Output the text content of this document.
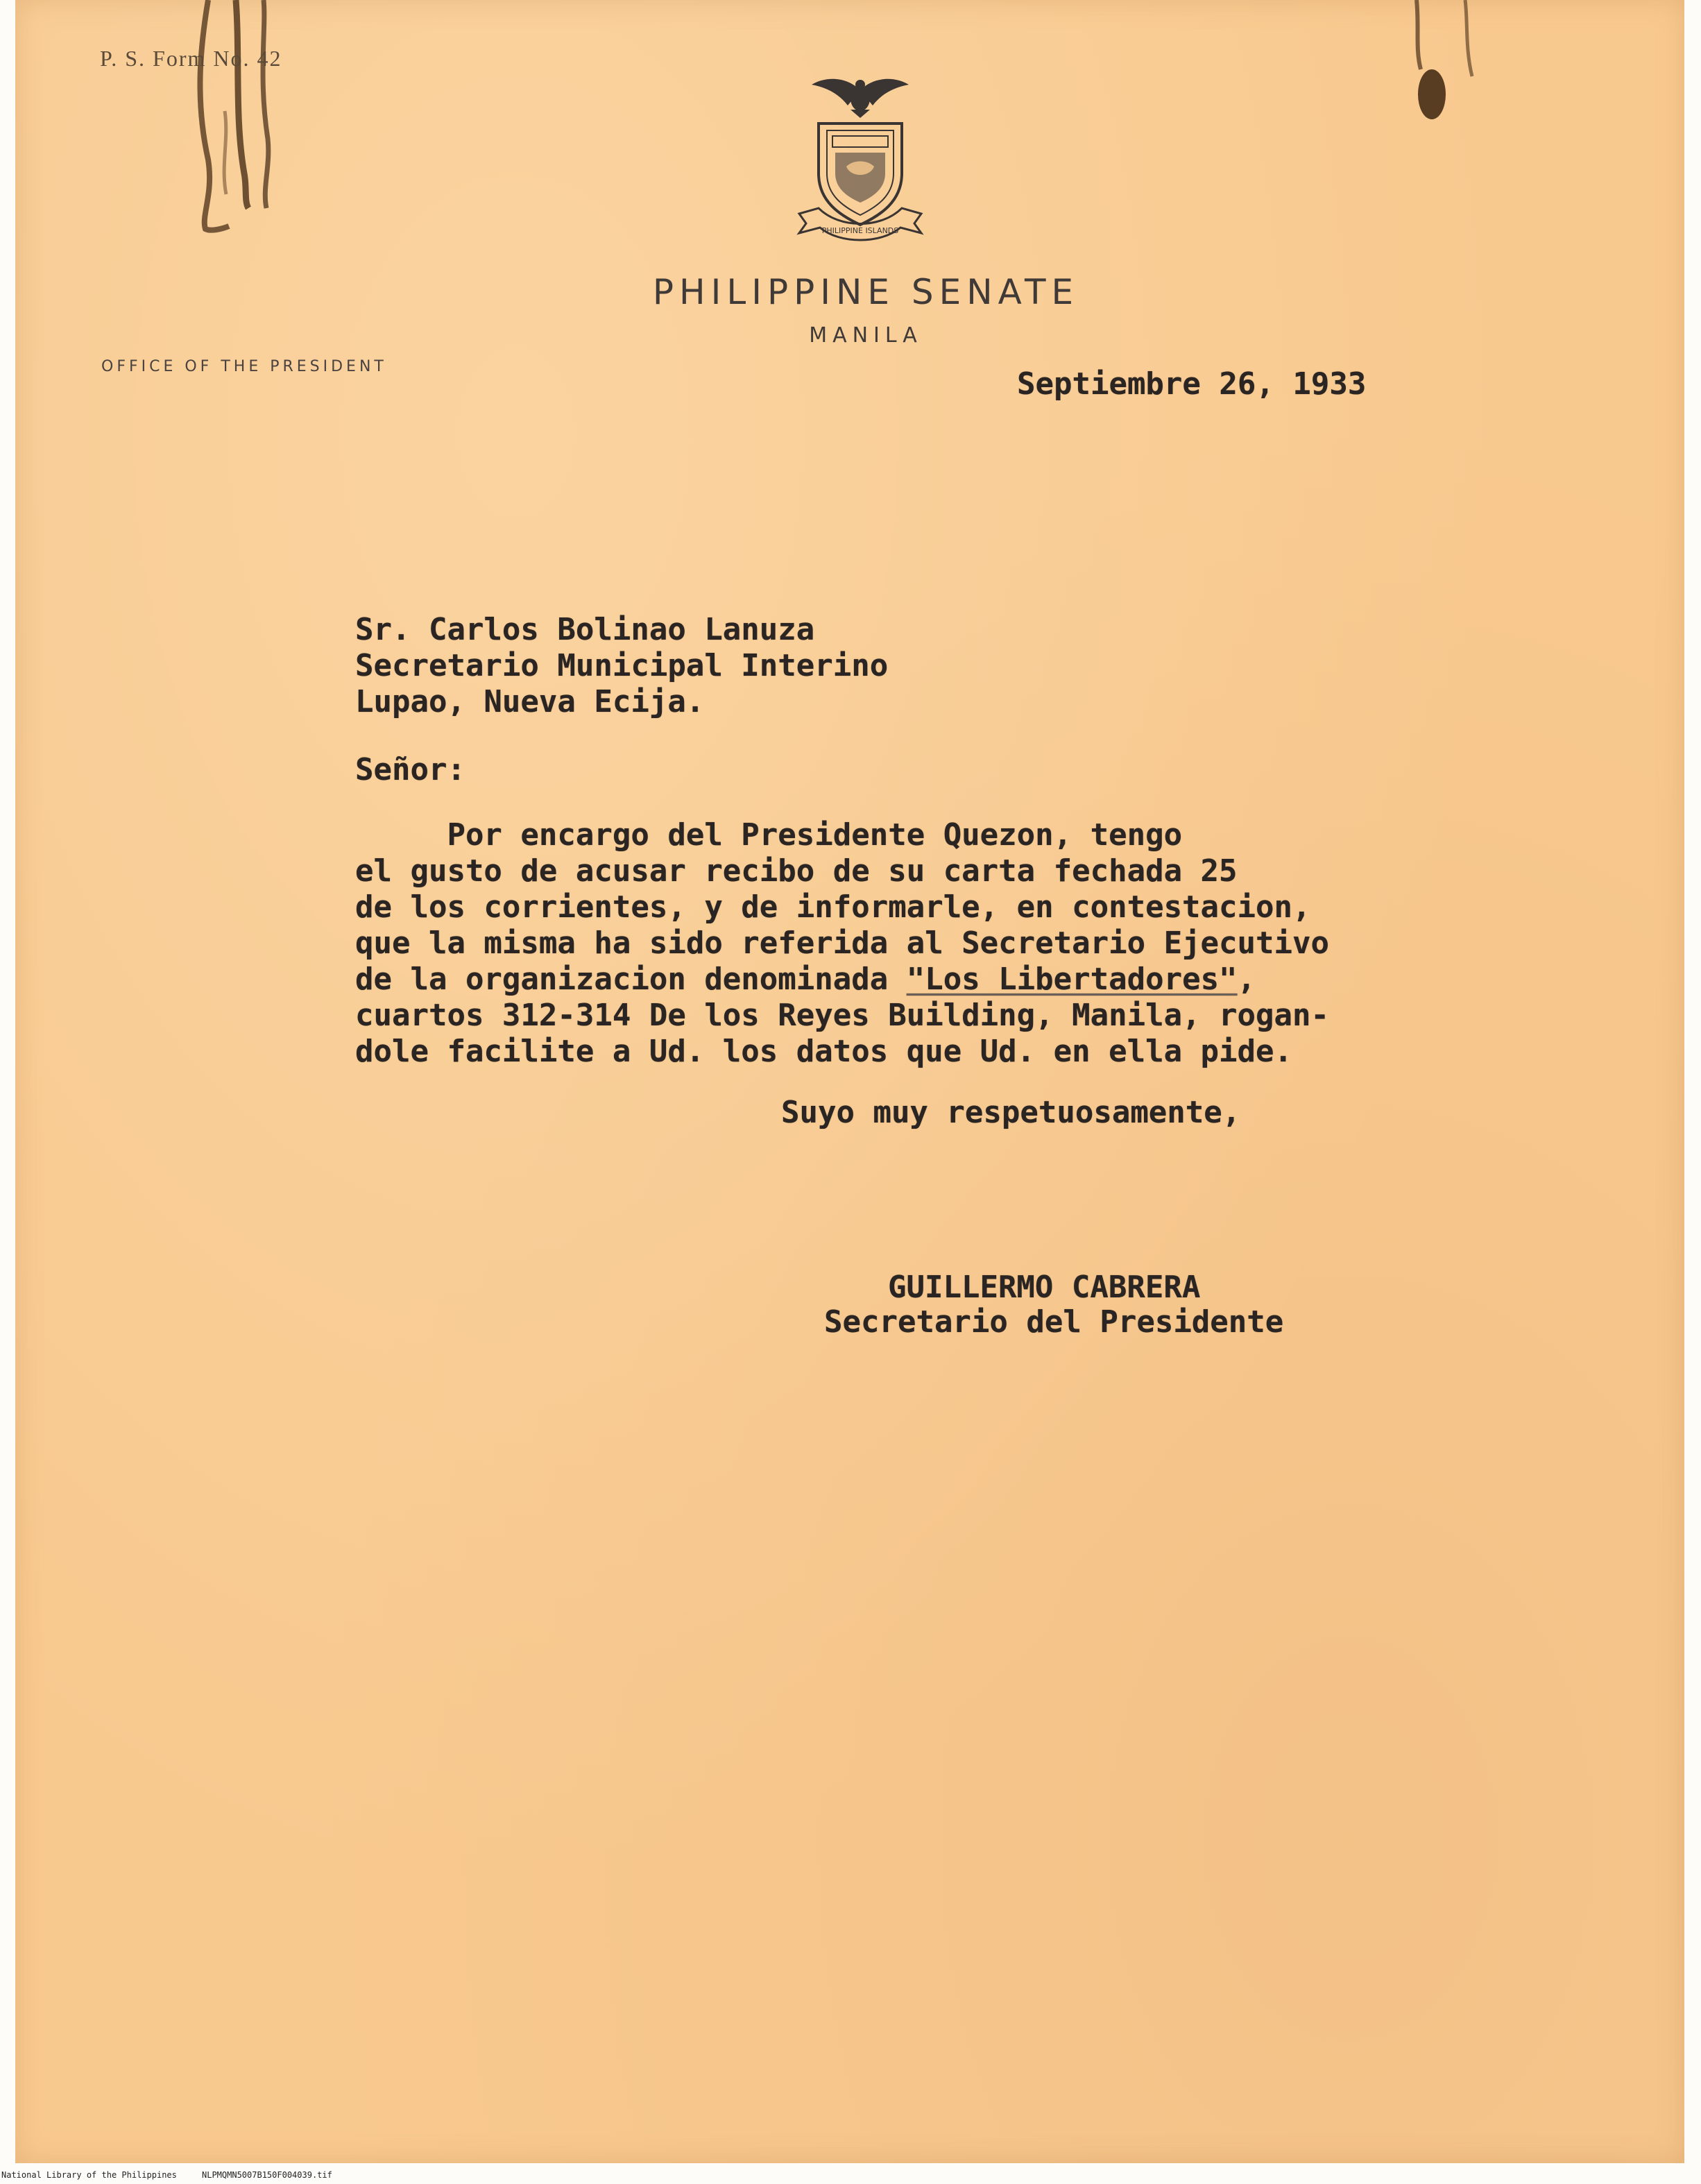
P. S. Form No. 42
PHILIPPINE ISLANDS
PHILIPPINE SENATE
MANILA
OFFICE OF THE PRESIDENT	Septiembre 26, 1933
Sr. Carlos Bolinao Lanuza
Secretario Municipal Interino
Lupao, Nueva Ecija.
Señor:
Por encargo del Presidente Quezon, tengo
el gusto de acusar recibo de su carta fechada 25
de los corrientes, y de informarle, en contestacion,
que la misma ha sido referida al Secretario Ejecutivo
de la organizacion denominada "Los Libertadores",
cuartos 312-314 De los Reyes Building, Manila, rogan-
dole facilite a Ud. los datos que Ud. en ella pide.
Suyo muy respetuosamente,
GUILLERMO CABRERA
Secretario del Presidente
National Library of the Philippines	NLPMQMN5007B150F004039.tif
